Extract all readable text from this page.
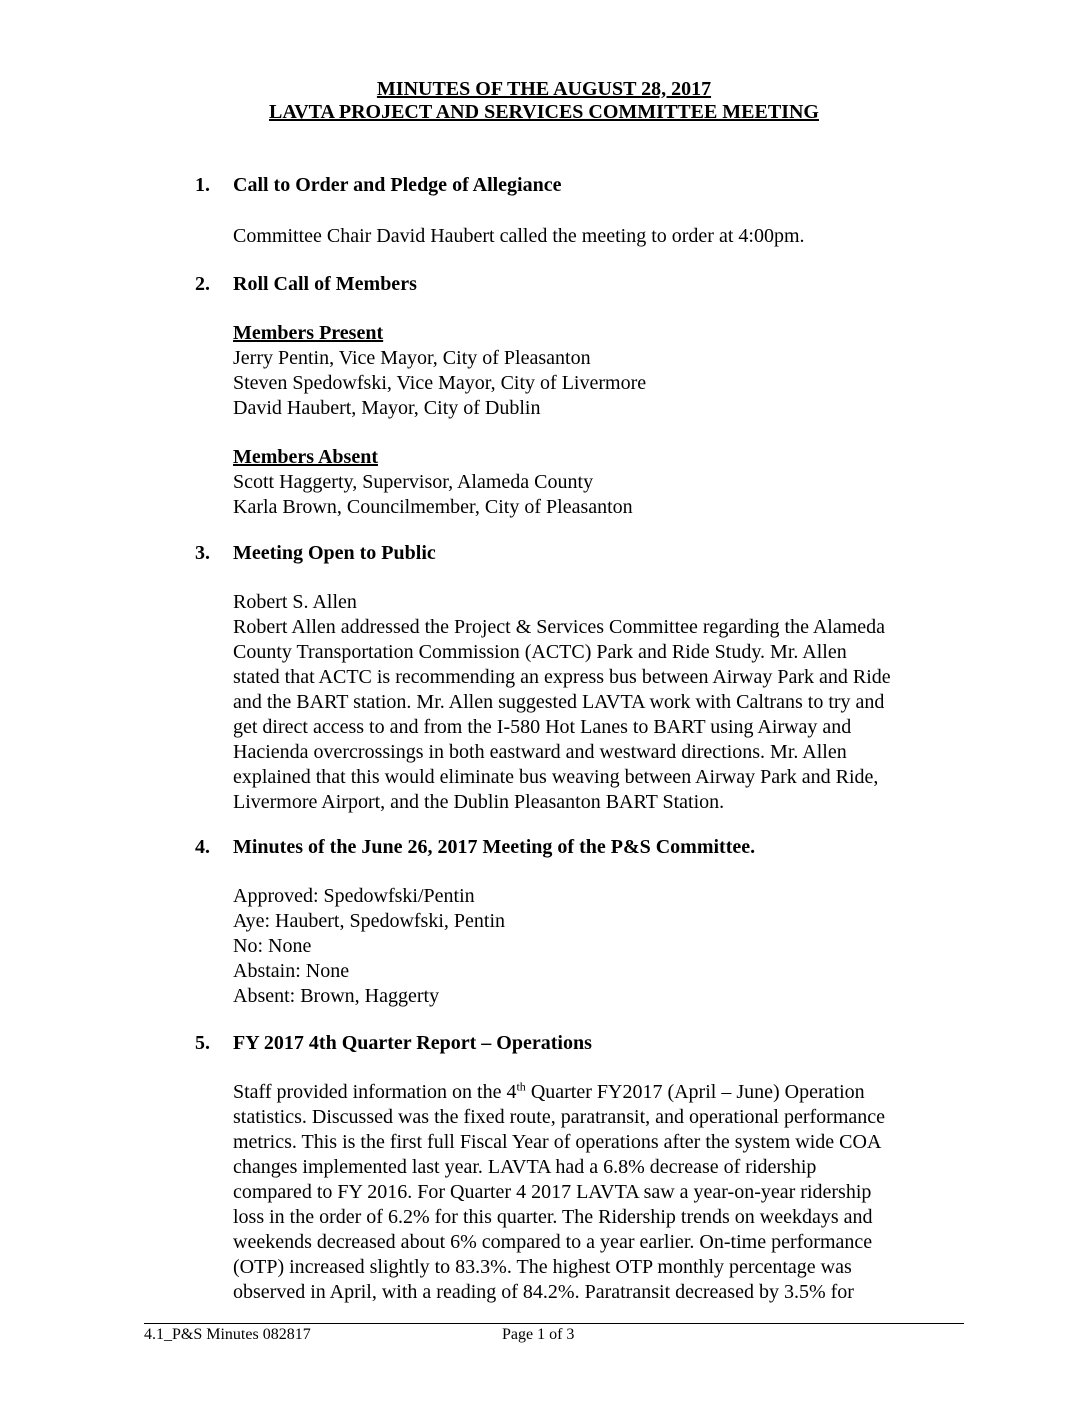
MINUTES OF THE AUGUST 28, 2017
LAVTA PROJECT AND SERVICES COMMITTEE MEETING
1.	Call to Order and Pledge of Allegiance
Committee Chair David Haubert called the meeting to order at 4:00pm.
2.	Roll Call of Members
Members Present
Jerry Pentin, Vice Mayor, City of Pleasanton
Steven Spedowfski, Vice Mayor, City of Livermore
David Haubert, Mayor, City of Dublin
Members Absent
Scott Haggerty, Supervisor, Alameda County
Karla Brown, Councilmember, City of Pleasanton
3.	Meeting Open to Public
Robert S. Allen
Robert Allen addressed the Project & Services Committee regarding the Alameda
County Transportation Commission (ACTC) Park and Ride Study. Mr. Allen
stated that ACTC is recommending an express bus between Airway Park and Ride
and the BART station. Mr. Allen suggested LAVTA work with Caltrans to try and
get direct access to and from the I-580 Hot Lanes to BART using Airway and
Hacienda overcrossings in both eastward and westward directions. Mr. Allen
explained that this would eliminate bus weaving between Airway Park and Ride,
Livermore Airport, and the Dublin Pleasanton BART Station.
4.	Minutes of the June 26, 2017 Meeting of the P&S Committee.
Approved: Spedowfski/Pentin
Aye: Haubert, Spedowfski, Pentin
No: None
Abstain: None
Absent: Brown, Haggerty
5.	FY 2017 4th Quarter Report – Operations
Staff provided information on the 4th Quarter FY2017 (April – June) Operation
statistics. Discussed was the fixed route, paratransit, and operational performance
metrics. This is the first full Fiscal Year of operations after the system wide COA
changes implemented last year. LAVTA had a 6.8% decrease of ridership
compared to FY 2016. For Quarter 4 2017 LAVTA saw a year-on-year ridership
loss in the order of 6.2% for this quarter. The Ridership trends on weekdays and
weekends decreased about 6% compared to a year earlier. On-time performance
(OTP) increased slightly to 83.3%. The highest OTP monthly percentage was
observed in April, with a reading of 84.2%. Paratransit decreased by 3.5% for
4.1_P&S Minutes 082817	Page 1 of 3
